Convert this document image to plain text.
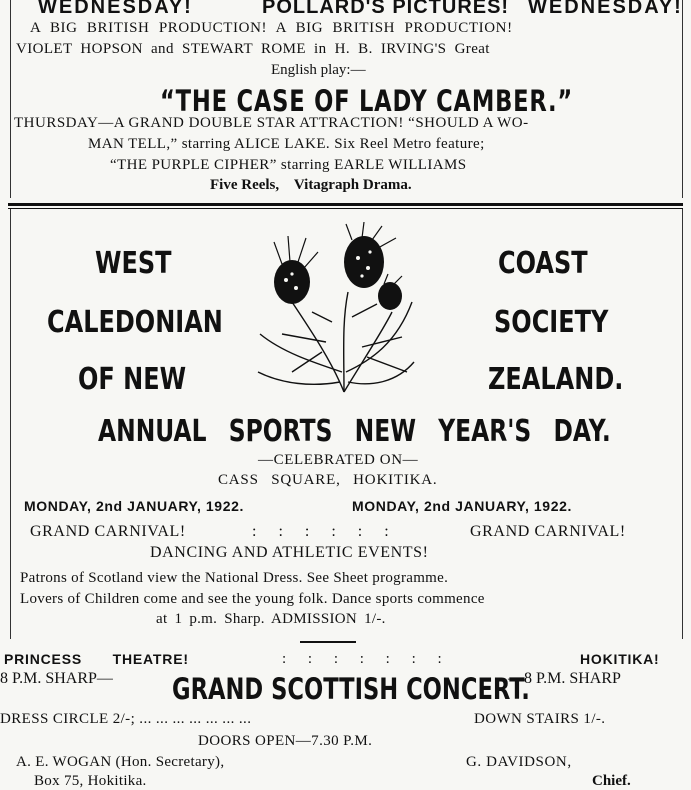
WEDNESDAY!	POLLARD'S PICTURES! WEDNESDAY!
A BIG BRITISH PRODUCTION! A BIG BRITISH PRODUCTION!
VIOLET HOPSON and STEWART ROME in H. B. IRVING'S Great
English play:—
“THE CASE OF LADY CAMBER.”
THURSDAY—A GRAND DOUBLE STAR ATTRACTION! “SHOULD A WO-
MAN TELL,” starring ALICE LAKE. Six Reel Metro feature;
“THE PURPLE CIPHER” starring EARLE WILLIAMS
Five Reels,    Vitagraph Drama.
WEST
CALEDONIAN
OF NEW
COAST
SOCIETY
ZEALAND.
ANNUAL SPORTS NEW YEAR'S DAY.
—CELEBRATED ON—
CASS SQUARE, HOKITIKA.
MONDAY, 2nd JANUARY, 1922.	MONDAY, 2nd JANUARY, 1922.
GRAND CARNIVAL!	: : : : : :	GRAND CARNIVAL!
DANCING AND ATHLETIC EVENTS!
Patrons of Scotland view the National Dress. See Sheet programme.
Lovers of Children come and see the young folk. Dance sports commence
at 1 p.m. Sharp. ADMISSION 1/-.
PRINCESS THEATRE!	: : : : : : :	HOKITIKA!
8 P.M. SHARP— GRAND SCOTTISH CONCERT.
—8 P.M. SHARP
DRESS CIRCLE 2/-; ... ... ... ... ... ... ...	DOWN STAIRS 1/-.
DOORS OPEN—7.30 P.M.
A. E. WOGAN (Hon. Secretary),
Box 75, Hokitika.
G. DAVIDSON,
Chief.
